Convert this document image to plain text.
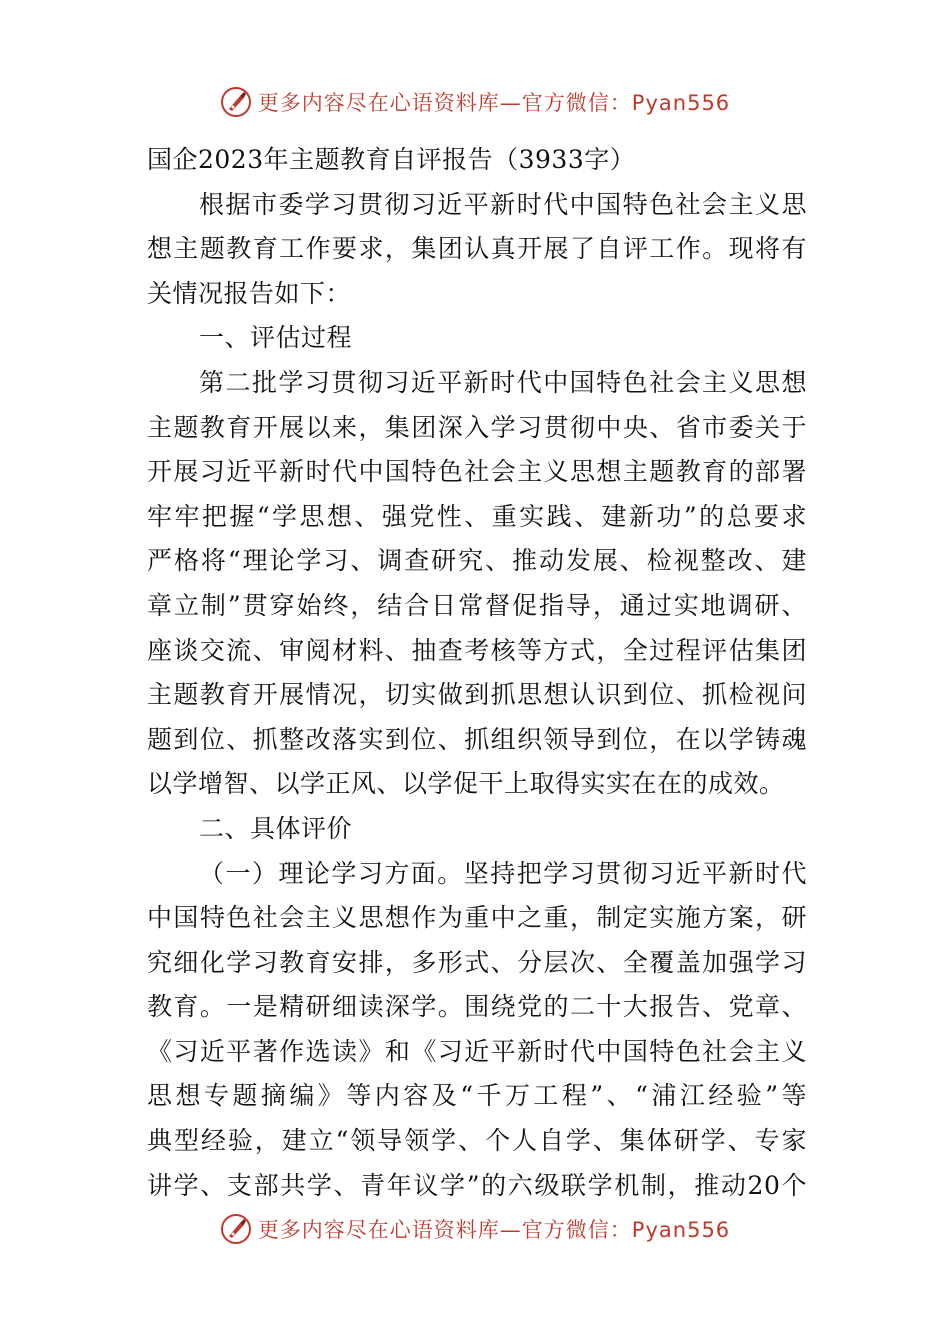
更多内容尽在心语资料库—官方微信：Pyan556
国企2023年主题教育自评报告（3933字）
根据市委学习贯彻习近平新时代中国特色社会主义思
想主题教育工作要求，集团认真开展了自评工作。现将有
关情况报告如下：
一、评估过程
第二批学习贯彻习近平新时代中国特色社会主义思想
主题教育开展以来，集团深入学习贯彻中央、省市委关于
开展习近平新时代中国特色社会主义思想主题教育的部署
牢牢把握“学思想、强党性、重实践、建新功”的总要求
严格将“理论学习、调查研究、推动发展、检视整改、建
章立制”贯穿始终，结合日常督促指导，通过实地调研、
座谈交流、审阅材料、抽查考核等方式，全过程评估集团
主题教育开展情况，切实做到抓思想认识到位、抓检视问
题到位、抓整改落实到位、抓组织领导到位，在以学铸魂
以学增智、以学正风、以学促干上取得实实在在的成效。
二、具体评价
（一）理论学习方面。坚持把学习贯彻习近平新时代
中国特色社会主义思想作为重中之重，制定实施方案，研
究细化学习教育安排，多形式、分层次、全覆盖加强学习
教育。一是精研细读深学。围绕党的二十大报告、党章、
《习近平著作选读》和《习近平新时代中国特色社会主义
思想专题摘编》等内容及“千万工程”、“浦江经验”等
典型经验，建立“领导领学、个人自学、集体研学、专家
讲学、支部共学、青年议学”的六级联学机制，推动20个
更多内容尽在心语资料库—官方微信：Pyan556
